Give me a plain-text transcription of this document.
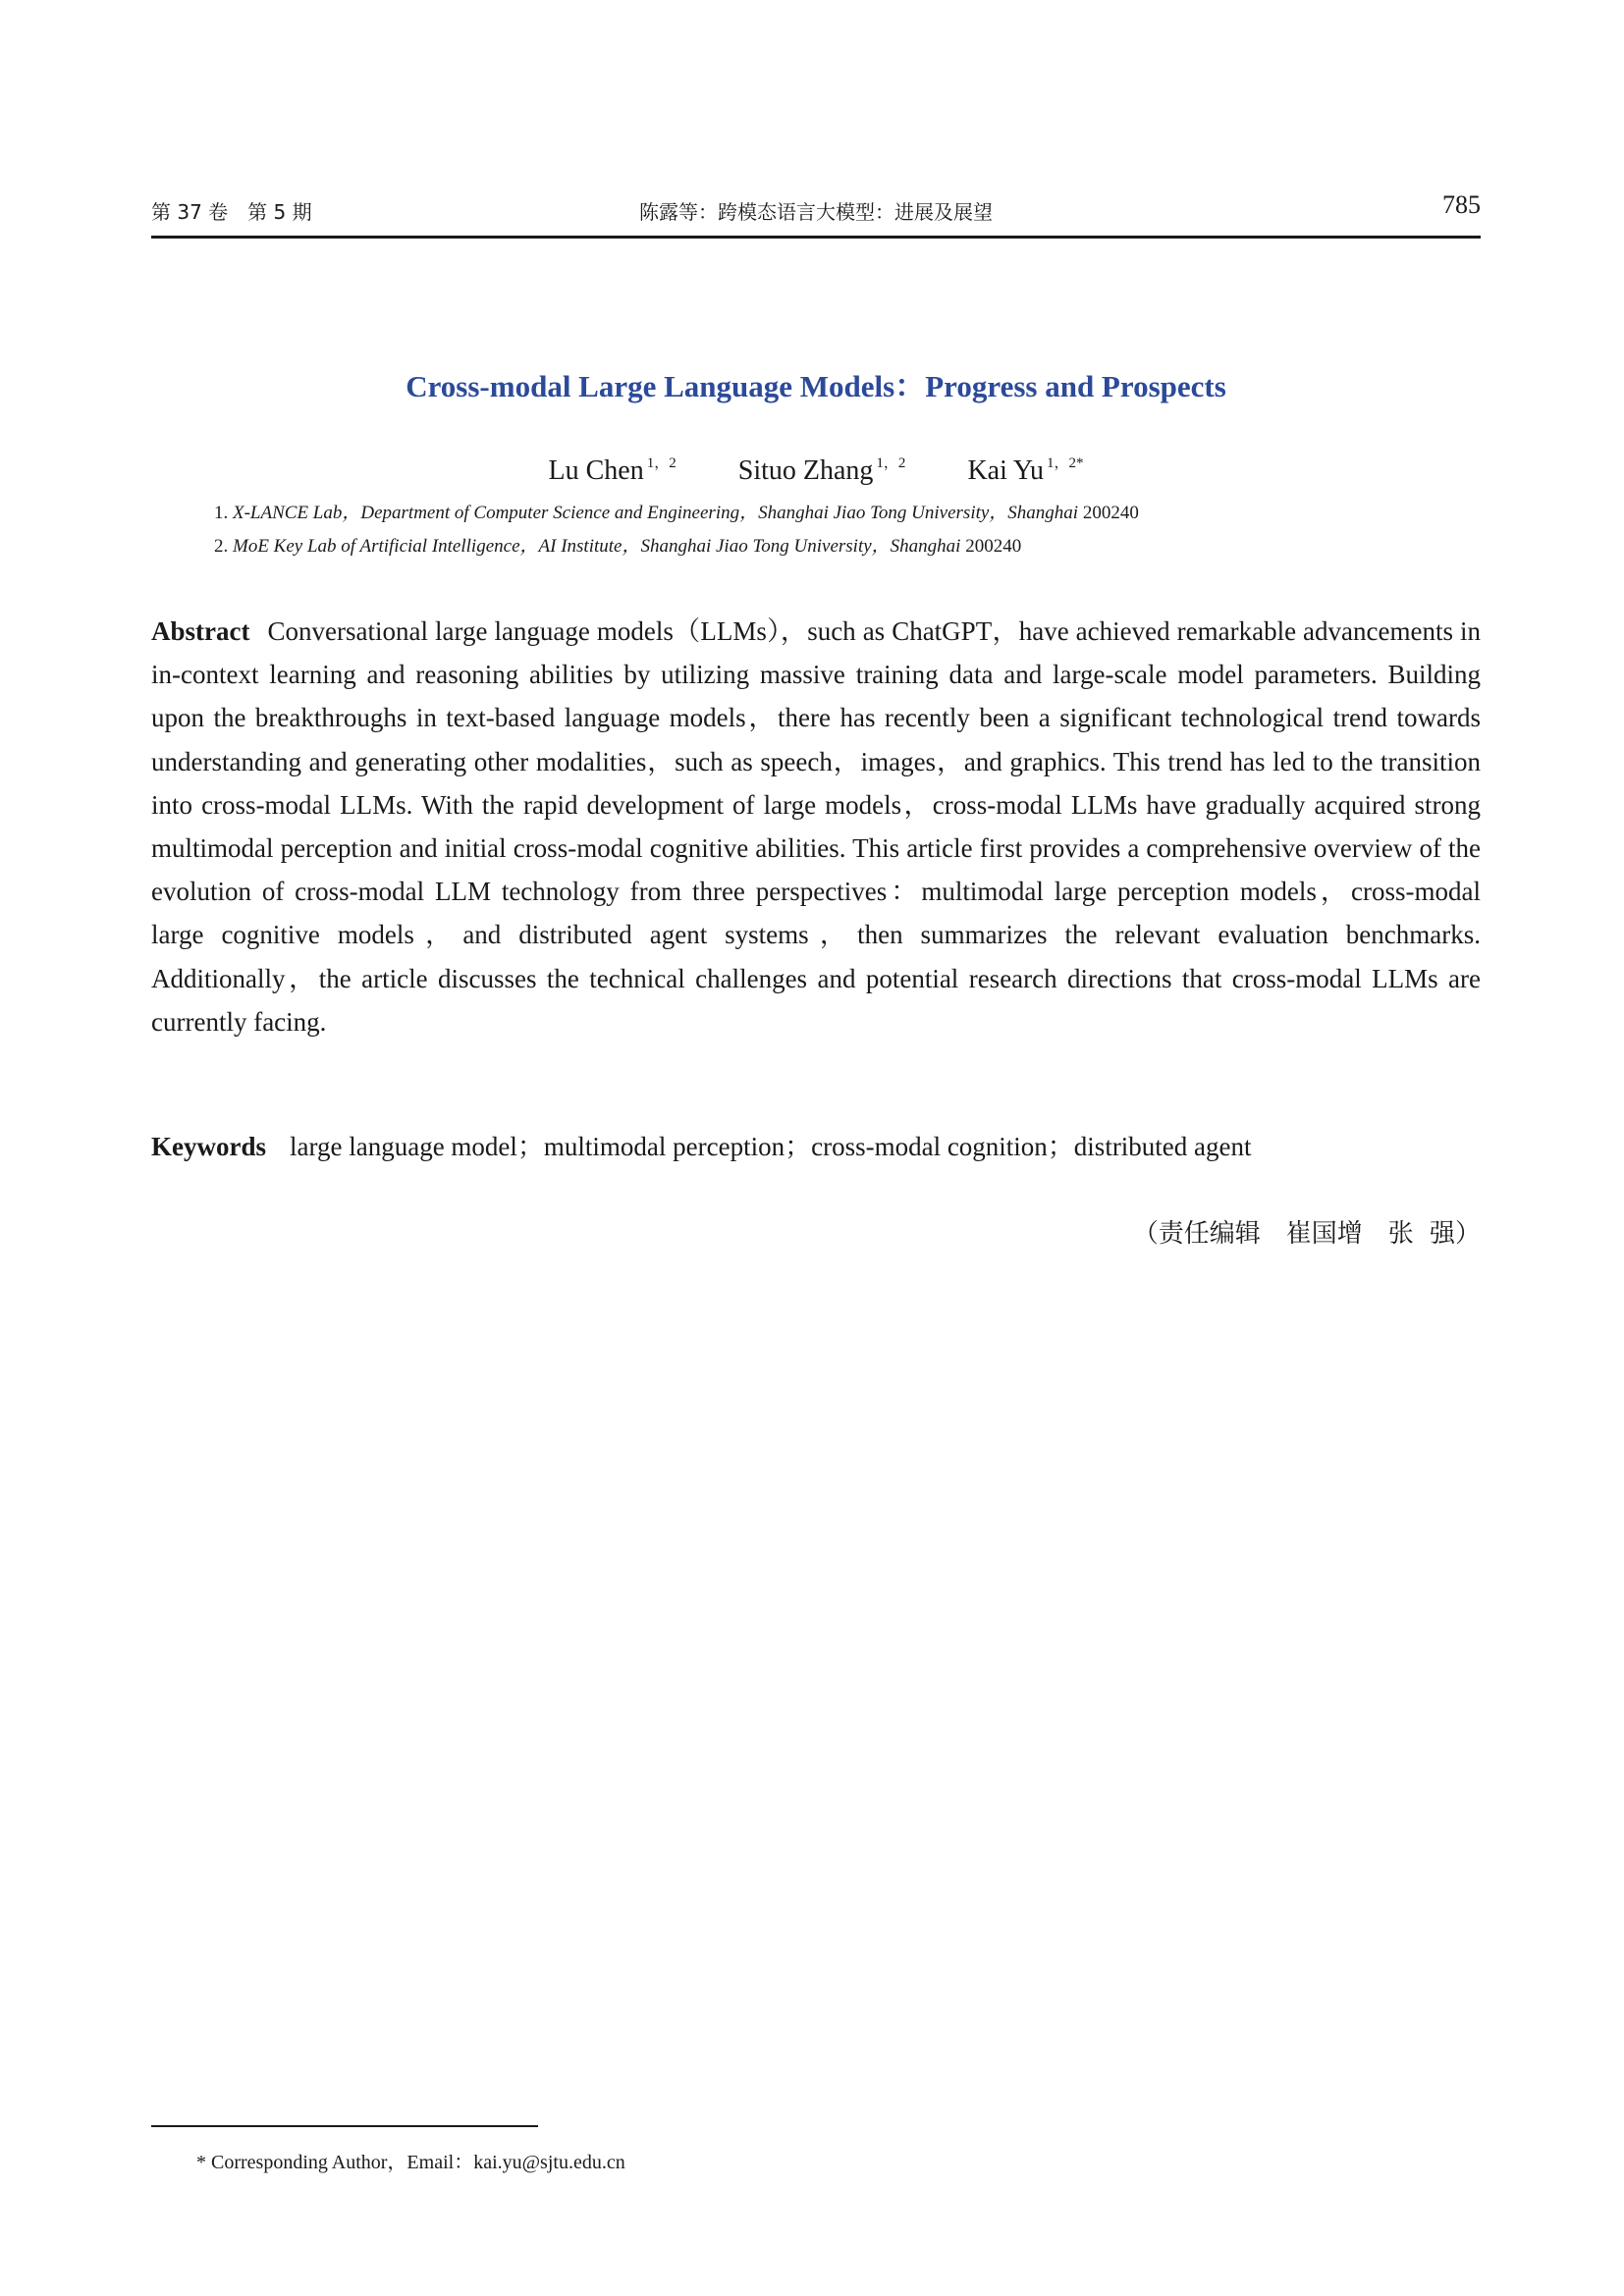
第 37 卷　第 5 期	陈露等：跨模态语言大模型：进展及展望	785
Cross-modal Large Language Models：Progress and Prospects
Lu Chen $^{1,2}$ Situo Zhang $^{1,2}$ Kai Yu $^{1,2*}$
1. X-LANCE Lab，Department of Computer Science and Engineering，Shanghai Jiao Tong University，Shanghai 200240
2. MoE Key Lab of Artificial Intelligence，AI Institute，Shanghai Jiao Tong University，Shanghai 200240
Abstract Conversational large language models（LLMs），such as ChatGPT，have achieved remarkable advancements in in-context learning and reasoning abilities by utilizing massive training data and large-scale model parameters. Building upon the breakthroughs in text-based language models，there has recently been a significant technological trend towards understanding and generating other modalities，such as speech，images，and graphics. This trend has led to the transition into cross-modal LLMs. With the rapid development of large models，cross-modal LLMs have gradually acquired strong multimodal perception and initial cross-modal cognitive abilities. This article first provides a comprehensive overview of the evolution of cross-modal LLM technology from three perspectives：multimodal large perception models，cross-modal large cognitive models，and distributed agent systems，then summarizes the relevant evaluation benchmarks. Additionally，the article discusses the technical challenges and potential research directions that cross-modal LLMs are currently facing.
Keywords large language model；multimodal perception；cross-modal cognition；distributed agent
（责任编辑　崔国增　张 强）
* Corresponding Author，Email：kai.yu@sjtu.edu.cn
